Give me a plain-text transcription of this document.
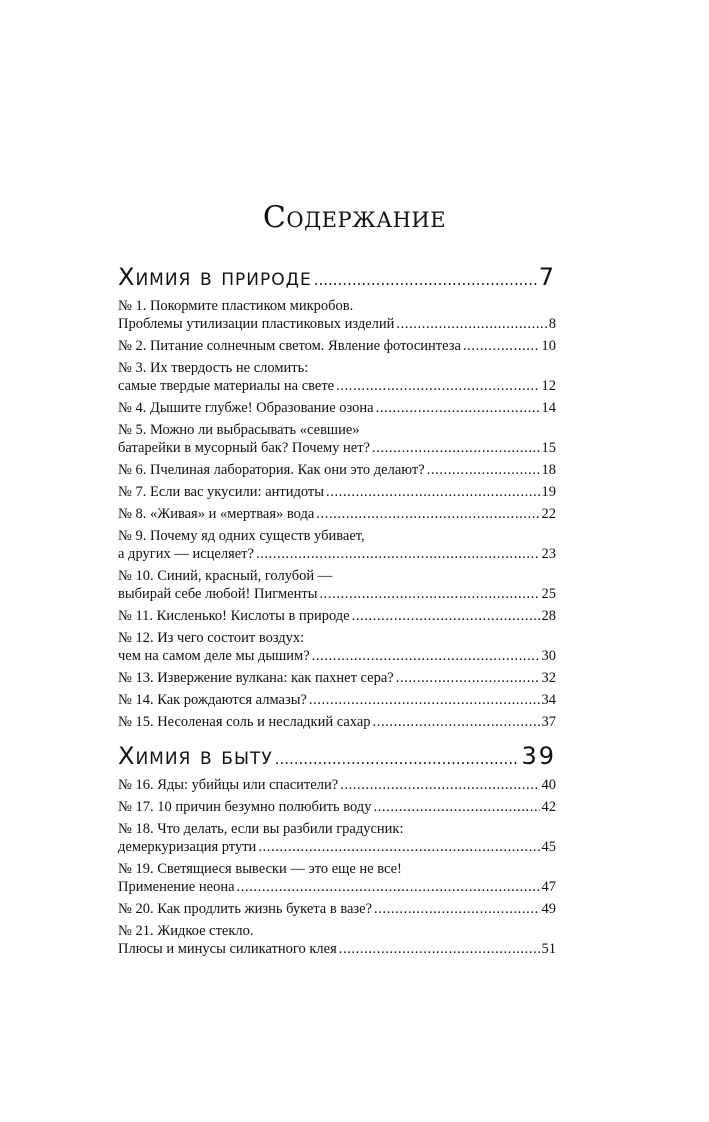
Содержание
Химия в природе .....	7
№ 1. Покормите пластиком микробов.
Проблемы утилизации пластиковых изделий .....	8
№ 2. Питание солнечным светом. Явление фотосинтеза .....	10
№ 3. Их твердость не сломить:
самые твердые материалы на свете .....	12
№ 4. Дышите глубже! Образование озона .....	14
№ 5. Можно ли выбрасывать «севшие»
батарейки в мусорный бак? Почему нет? .....	15
№ 6. Пчелиная лаборатория. Как они это делают? .....	18
№ 7. Если вас укусили: антидоты .....	19
№ 8. «Живая» и «мертвая» вода .....	22
№ 9. Почему яд одних существ убивает,
а других — исцеляет? .....	23
№ 10. Синий, красный, голубой —
выбирай себе любой! Пигменты .....	25
№ 11. Кисленько! Кислоты в природе .....	28
№ 12. Из чего состоит воздух:
чем на самом деле мы дышим? .....	30
№ 13. Извержение вулкана: как пахнет сера? .....	32
№ 14. Как рождаются алмазы? .....	34
№ 15. Несоленая соль и несладкий сахар .....	37
Химия в быту .....	39
№ 16. Яды: убийцы или спасители? .....	40
№ 17. 10 причин безумно полюбить воду .....	42
№ 18. Что делать, если вы разбили градусник:
демеркуризация ртути .....	45
№ 19. Светящиеся вывески — это еще не все!
Применение неона .....	47
№ 20. Как продлить жизнь букета в вазе? .....	49
№ 21. Жидкое стекло.
Плюсы и минусы силикатного клея .....	51
